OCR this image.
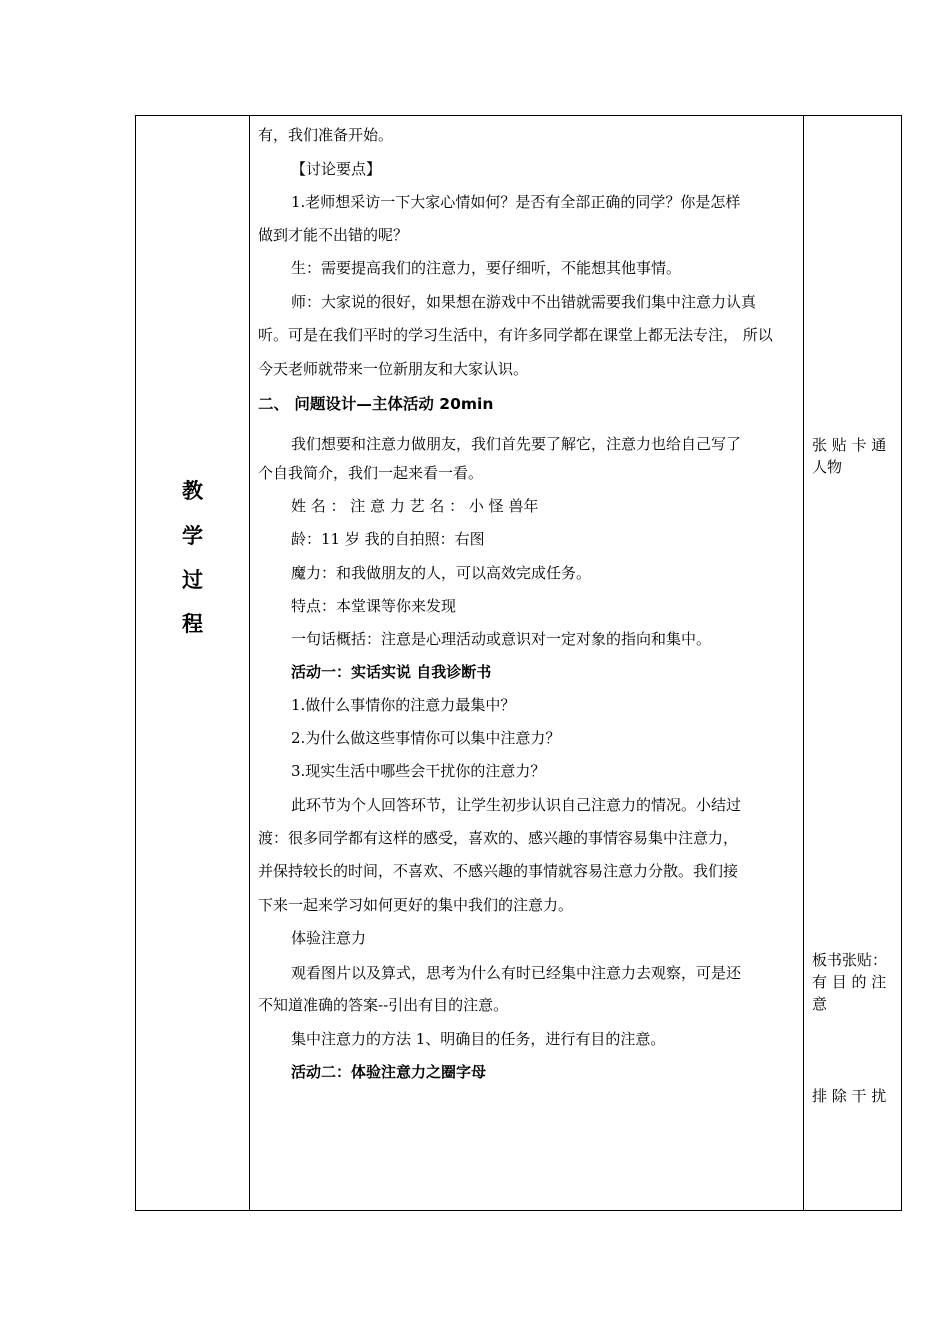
教
学
过
程
有，我们准备开始。
【讨论要点】
1.老师想采访一下大家心情如何？是否有全部正确的同学？你是怎样
做到才能不出错的呢？
生：需要提高我们的注意力，要仔细听，不能想其他事情。
师：大家说的很好，如果想在游戏中不出错就需要我们集中注意力认真
听。可是在我们平时的学习生活中，有许多同学都在课堂上都无法专注， 所以
今天老师就带来一位新朋友和大家认识。
二、 问题设计—主体活动 20min
我们想要和注意力做朋友，我们首先要了解它，注意力也给自己写了
个自我简介，我们一起来看一看。
姓 名 ： 注 意 力 艺 名 ： 小 怪 兽年
龄：11 岁 我的自拍照：右图
魔力：和我做朋友的人，可以高效完成任务。
特点：本堂课等你来发现
一句话概括：注意是心理活动或意识对一定对象的指向和集中。
活动一：实话实说 自我诊断书
1.做什么事情你的注意力最集中？
2.为什么做这些事情你可以集中注意力？
3.现实生活中哪些会干扰你的注意力？
此环节为个人回答环节，让学生初步认识自己注意力的情况。小结过
渡：很多同学都有这样的感受，喜欢的、感兴趣的事情容易集中注意力，
并保持较长的时间，不喜欢、不感兴趣的事情就容易注意力分散。我们接
下来一起来学习如何更好的集中我们的注意力。
体验注意力
观看图片以及算式，思考为什么有时已经集中注意力去观察，可是还
不知道准确的答案--引出有目的注意。
集中注意力的方法 1、明确目的任务，进行有目的注意。
活动二：体验注意力之圈字母
张 贴 卡 通
人物
板书张贴：
有 目 的 注
意
排 除 干 扰
